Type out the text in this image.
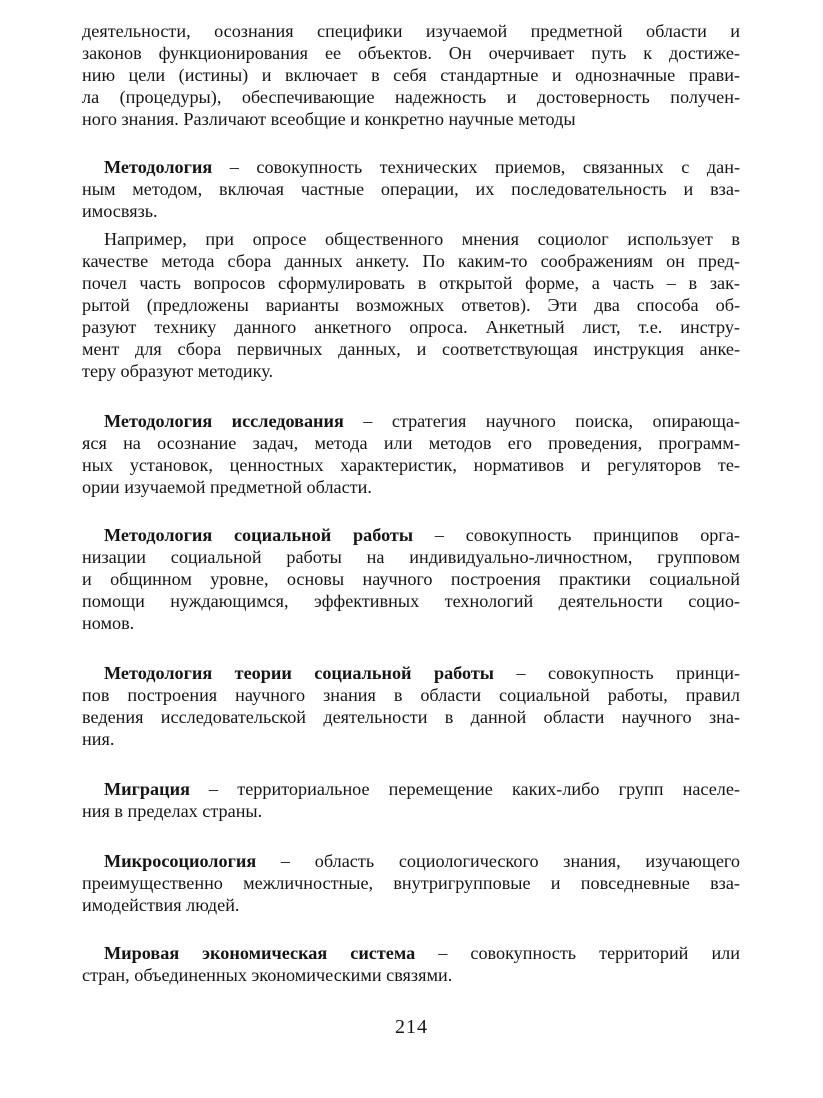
деятельности, осознания специфики изучаемой предметной области и
законов функционирования ее объектов. Он очерчивает путь к достиже-
нию цели (истины) и включает в себя стандартные и однозначные прави-
ла (процедуры), обеспечивающие надежность и достоверность получен-
ного знания. Различают всеобщие и конкретно научные методы
Методология – совокупность технических приемов, связанных с дан-
ным методом, включая частные операции, их последовательность и вза-
имосвязь.
Например, при опросе общественного мнения социолог использует в
качестве метода сбора данных анкету. По каким-то соображениям он пред-
почел часть вопросов сформулировать в открытой форме, а часть – в зак-
рытой (предложены варианты возможных ответов). Эти два способа об-
разуют технику данного анкетного опроса. Анкетный лист, т.е. инстру-
мент для сбора первичных данных, и соответствующая инструкция анке-
теру образуют методику.
Методология исследования – стратегия научного поиска, опирающа-
яся на осознание задач, метода или методов его проведения, программ-
ных установок, ценностных характеристик, нормативов и регуляторов те-
ории изучаемой предметной области.
Методология социальной работы – совокупность принципов орга-
низации социальной работы на индивидуально-личностном, групповом
и общинном уровне, основы научного построения практики социальной
помощи нуждающимся, эффективных технологий деятельности социо-
номов.
Методология теории социальной работы – совокупность принци-
пов построения научного знания в области социальной работы, правил
ведения исследовательской деятельности в данной области научного зна-
ния.
Миграция – территориальное перемещение каких-либо групп населе-
ния в пределах страны.
Микросоциология – область социологического знания, изучающего
преимущественно межличностные, внутригрупповые и повседневные вза-
имодействия людей.
Мировая экономическая система – совокупность территорий или
стран, объединенных экономическими связями.
214
